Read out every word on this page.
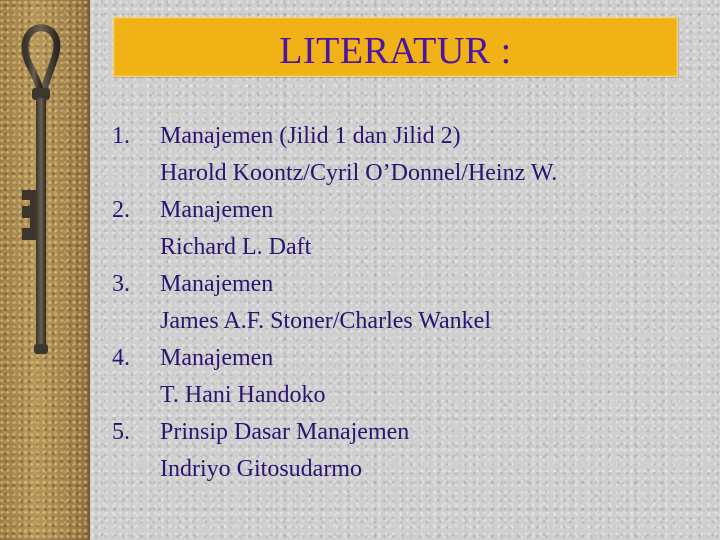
LITERATUR :
1.	Manajemen (Jilid 1 dan Jilid 2)
Harold Koontz/Cyril O’Donnel/Heinz W.
2.	Manajemen
Richard L. Daft
3.	Manajemen
James A.F. Stoner/Charles Wankel
4.	Manajemen
T. Hani Handoko
5.	Prinsip Dasar Manajemen
Indriyo Gitosudarmo
